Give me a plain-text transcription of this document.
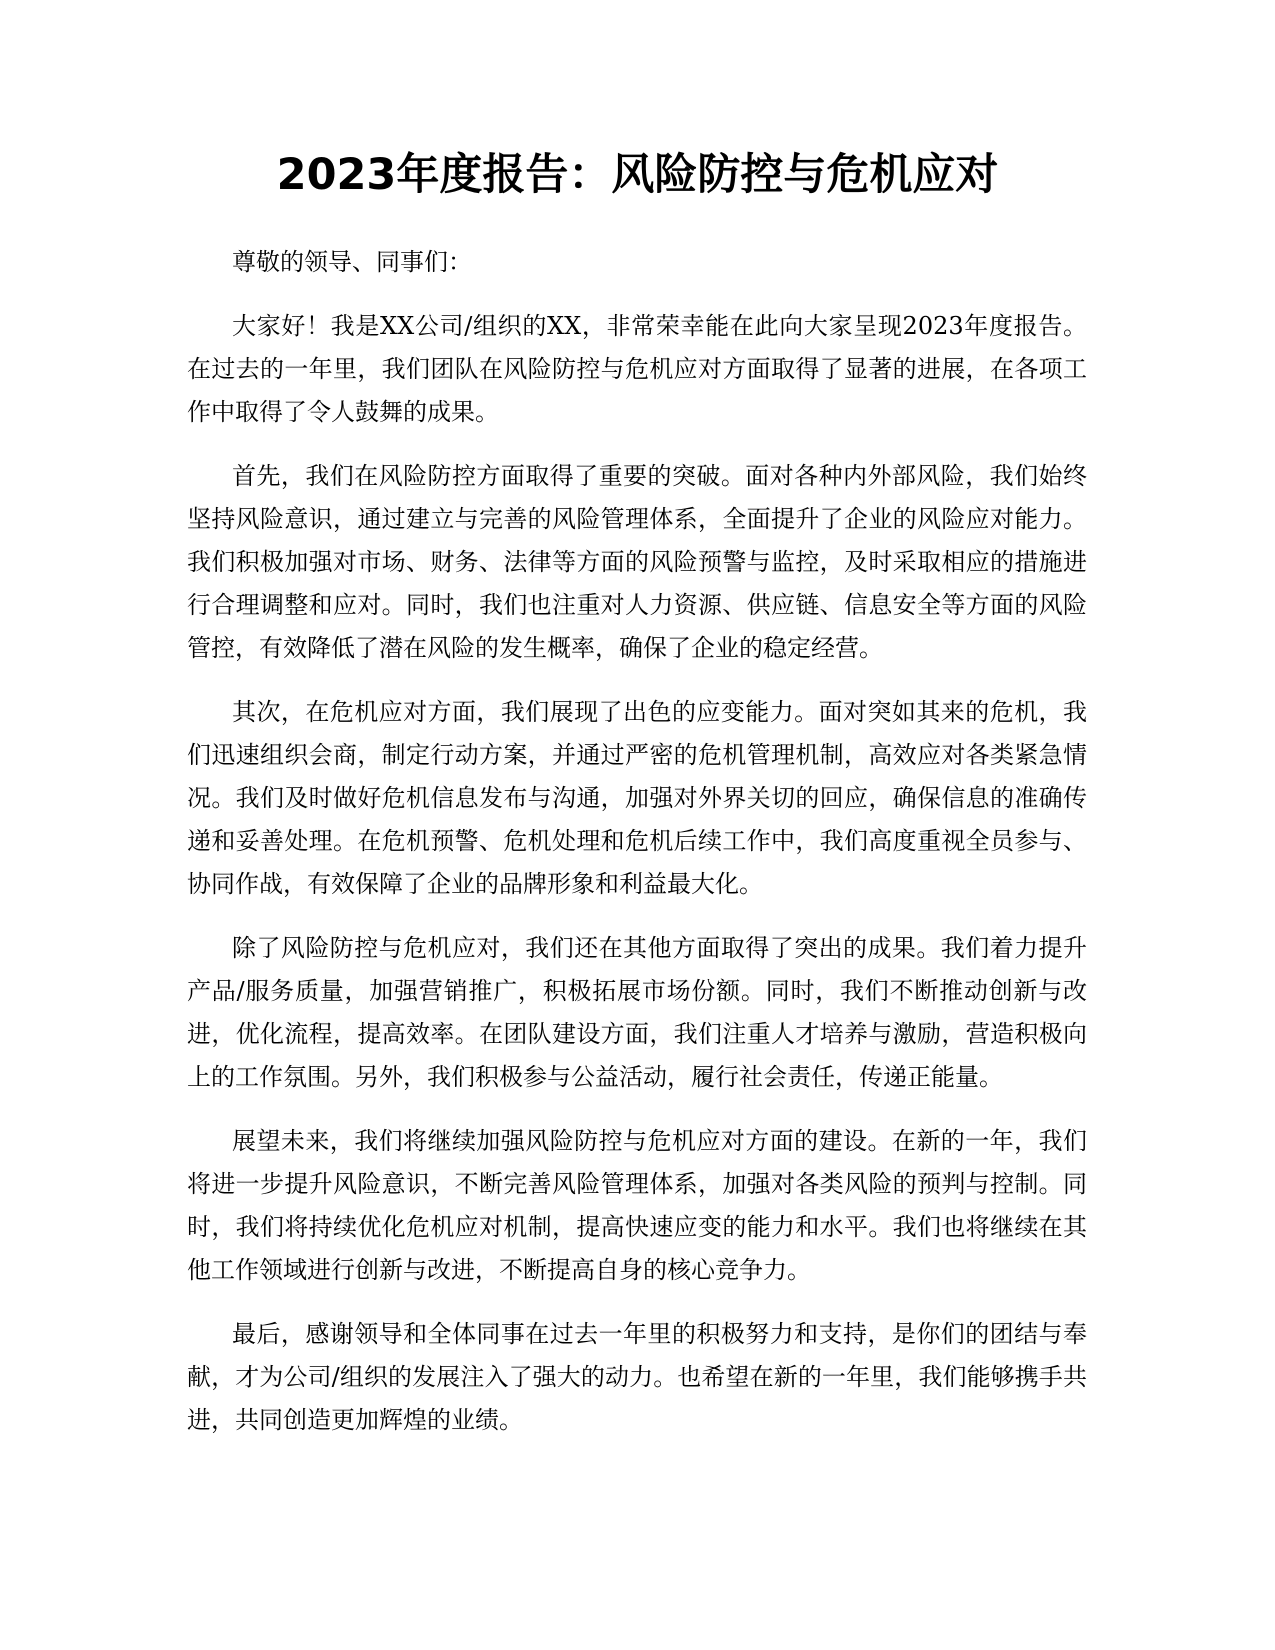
2023年度报告：风险防控与危机应对

尊敬的领导、同事们：

大家好！我是XX公司/组织的XX，非常荣幸能在此向大家呈现2023年度报告。在过去的一年里，我们团队在风险防控与危机应对方面取得了显著的进展，在各项工作中取得了令人鼓舞的成果。

首先，我们在风险防控方面取得了重要的突破。面对各种内外部风险，我们始终坚持风险意识，通过建立与完善的风险管理体系，全面提升了企业的风险应对能力。我们积极加强对市场、财务、法律等方面的风险预警与监控，及时采取相应的措施进行合理调整和应对。同时，我们也注重对人力资源、供应链、信息安全等方面的风险管控，有效降低了潜在风险的发生概率，确保了企业的稳定经营。

其次，在危机应对方面，我们展现了出色的应变能力。面对突如其来的危机，我们迅速组织会商，制定行动方案，并通过严密的危机管理机制，高效应对各类紧急情况。我们及时做好危机信息发布与沟通，加强对外界关切的回应，确保信息的准确传递和妥善处理。在危机预警、危机处理和危机后续工作中，我们高度重视全员参与、协同作战，有效保障了企业的品牌形象和利益最大化。

除了风险防控与危机应对，我们还在其他方面取得了突出的成果。我们着力提升产品/服务质量，加强营销推广，积极拓展市场份额。同时，我们不断推动创新与改进，优化流程，提高效率。在团队建设方面，我们注重人才培养与激励，营造积极向上的工作氛围。另外，我们积极参与公益活动，履行社会责任，传递正能量。

展望未来，我们将继续加强风险防控与危机应对方面的建设。在新的一年，我们将进一步提升风险意识，不断完善风险管理体系，加强对各类风险的预判与控制。同时，我们将持续优化危机应对机制，提高快速应变的能力和水平。我们也将继续在其他工作领域进行创新与改进，不断提高自身的核心竞争力。

最后，感谢领导和全体同事在过去一年里的积极努力和支持，是你们的团结与奉献，才为公司/组织的发展注入了强大的动力。也希望在新的一年里，我们能够携手共进，共同创造更加辉煌的业绩。
